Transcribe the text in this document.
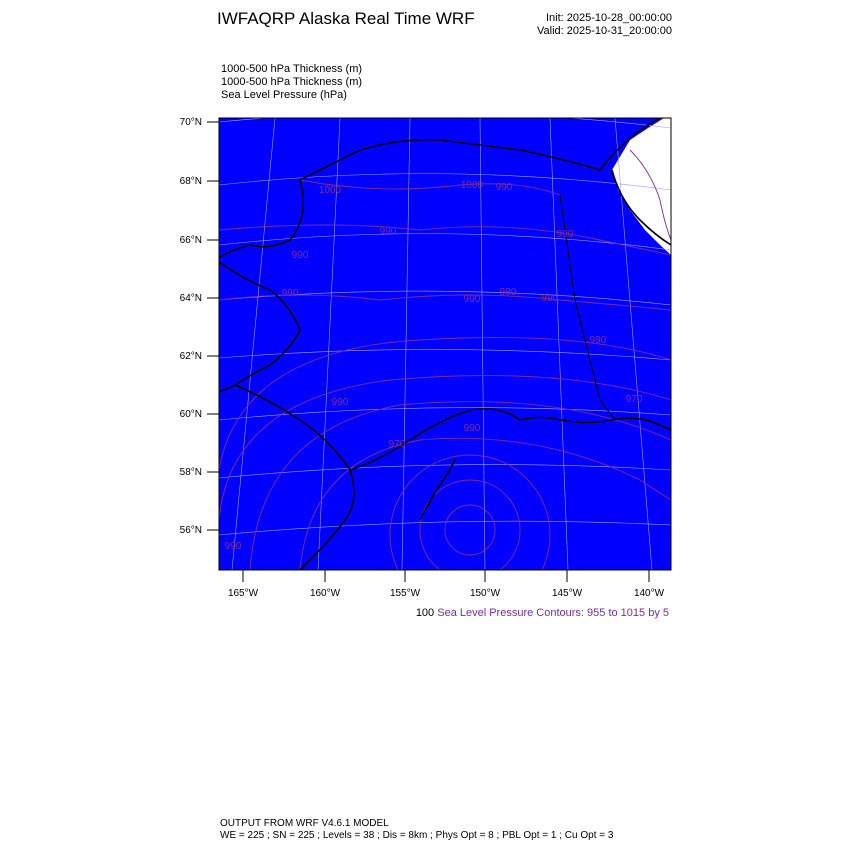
IWFAQRP Alaska Real Time WRF	Init: 2025-10-28_00:00:00
Valid: 2025-10-31_20:00:00
1000-500 hPa Thickness (m)
1000-500 hPa Thickness (m)
Sea Level Pressure (hPa)
1000	1000 990
990	990
990
990
980
990
990
990	970
970
990
990
990
70°N
68°N
66°N
64°N
62°N
60°N
58°N
56°N
165°W	160°W	155°W	150°W	145°W	140°W
100 Sea Level Pressure Contours: 955 to 1015 by 5
OUTPUT FROM WRF V4.6.1 MODEL
WE = 225 ; SN = 225 ; Levels = 38 ; Dis = 8km ; Phys Opt = 8 ; PBL Opt = 1 ; Cu Opt = 3
